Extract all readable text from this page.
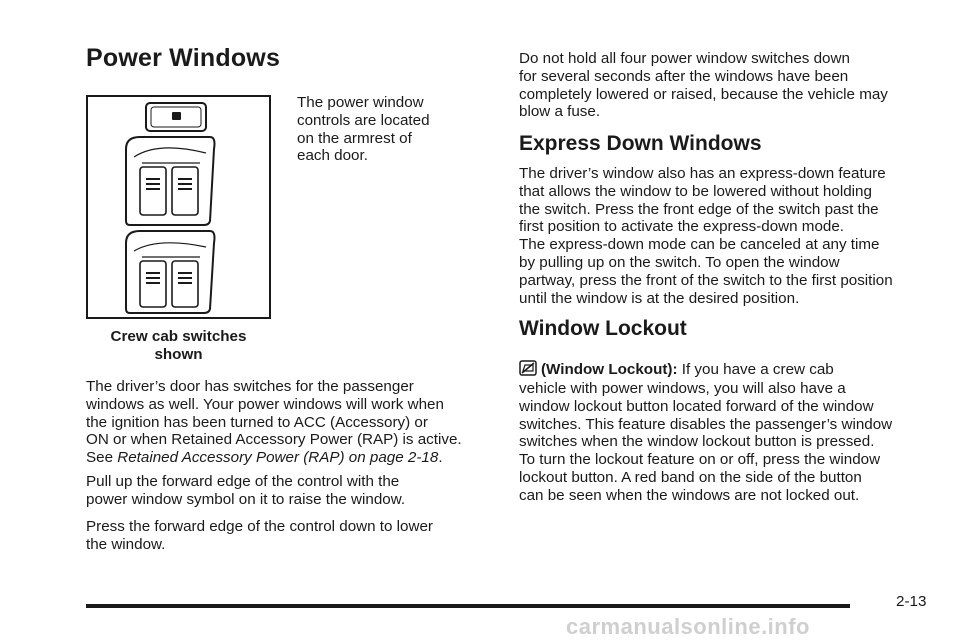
Power Windows

The power window
controls are located
on the armrest of
each door.

Crew cab switches
shown

The driver’s door has switches for the passenger
windows as well. Your power windows will work when
the ignition has been turned to ACC (Accessory) or
ON or when Retained Accessory Power (RAP) is active.
See Retained Accessory Power (RAP) on page 2-18.

Pull up the forward edge of the control with the
power window symbol on it to raise the window.

Press the forward edge of the control down to lower
the window.

Do not hold all four power window switches down
for several seconds after the windows have been
completely lowered or raised, because the vehicle may
blow a fuse.

Express Down Windows

The driver’s window also has an express-down feature
that allows the window to be lowered without holding
the switch. Press the front edge of the switch past the
first position to activate the express-down mode.
The express-down mode can be canceled at any time
by pulling up on the switch. To open the window
partway, press the front of the switch to the first position
until the window is at the desired position.

Window Lockout

(Window Lockout): If you have a crew cab

vehicle with power windows, you will also have a
window lockout button located forward of the window
switches. This feature disables the passenger’s window
switches when the window lockout button is pressed.
To turn the lockout feature on or off, press the window
lockout button. A red band on the side of the button
can be seen when the windows are not locked out.

2-13
carmanualsonline.info
